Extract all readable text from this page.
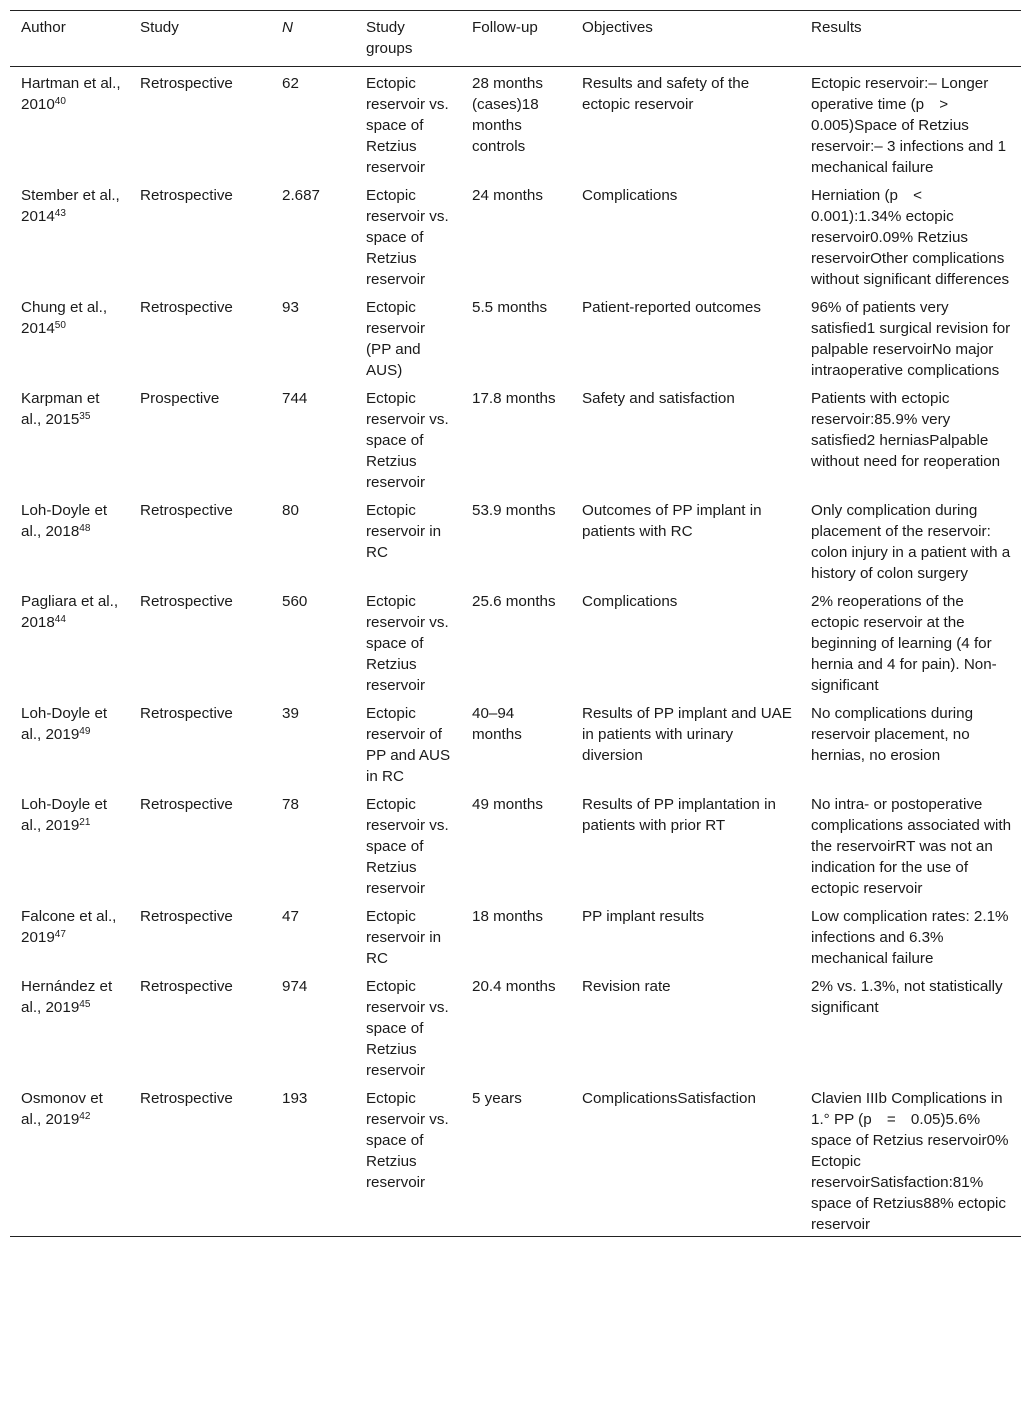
Author	Study	N	Study groups	Follow-up	Objectives	Results
Hartman et al., 2010$^{40}$	Retrospective	62	Ectopic reservoir vs. space of Retzius reservoir	28 months (cases)18 months controls	Results and safety of the ectopic reservoir	Ectopic reservoir:– Longer operative time (p > 0.005)Space of Retzius reservoir:– 3 infections and 1 mechanical failure
Stember et al., 2014$^{43}$	Retrospective	2.687	Ectopic reservoir vs. space of Retzius reservoir	24 months	Complications	Herniation (p < 0.001):1.34% ectopic reservoir0.09% Retzius reservoirOther complications without significant differences
Chung et al., 2014$^{50}$	Retrospective	93	Ectopic reservoir (PP and AUS)	5.5 months	Patient-reported outcomes	96% of patients very satisfied1 surgical revision for palpable reservoirNo major intraoperative complications
Karpman et al., 2015$^{35}$	Prospective	744	Ectopic reservoir vs. space of Retzius reservoir	17.8 months	Safety and satisfaction	Patients with ectopic reservoir:85.9% very satisfied2 herniasPalpable without need for reoperation
Loh-Doyle et al., 2018$^{48}$	Retrospective	80	Ectopic reservoir in RC	53.9 months	Outcomes of PP implant in patients with RC	Only complication during placement of the reservoir: colon injury in a patient with a history of colon surgery
Pagliara et al., 2018$^{44}$	Retrospective	560	Ectopic reservoir vs. space of Retzius reservoir	25.6 months	Complications	2% reoperations of the ectopic reservoir at the beginning of learning (4 for hernia and 4 for pain). Non-significant
Loh-Doyle et al., 2019$^{49}$	Retrospective	39	Ectopic reservoir of PP and AUS in RC	40–94 months	Results of PP implant and UAE in patients with urinary diversion	No complications during reservoir placement, no hernias, no erosion
Loh-Doyle et al., 2019$^{21}$	Retrospective	78	Ectopic reservoir vs. space of Retzius reservoir	49 months	Results of PP implantation in patients with prior RT	No intra- or postoperative complications associated with the reservoirRT was not an indication for the use of ectopic reservoir
Falcone et al., 2019$^{47}$	Retrospective	47	Ectopic reservoir in RC	18 months	PP implant results	Low complication rates: 2.1% infections and 6.3% mechanical failure
Hernández et al., 2019$^{45}$	Retrospective	974	Ectopic reservoir vs. space of Retzius reservoir	20.4 months	Revision rate	2% vs. 1.3%, not statistically significant
Osmonov et al., 2019$^{42}$	Retrospective	193	Ectopic reservoir vs. space of Retzius reservoir	5 years	ComplicationsSatisfaction	Clavien IIIb Complications in 1.° PP (p = 0.05)5.6% space of Retzius reservoir0% Ectopic reservoirSatisfaction:81% space of Retzius88% ectopic reservoir
